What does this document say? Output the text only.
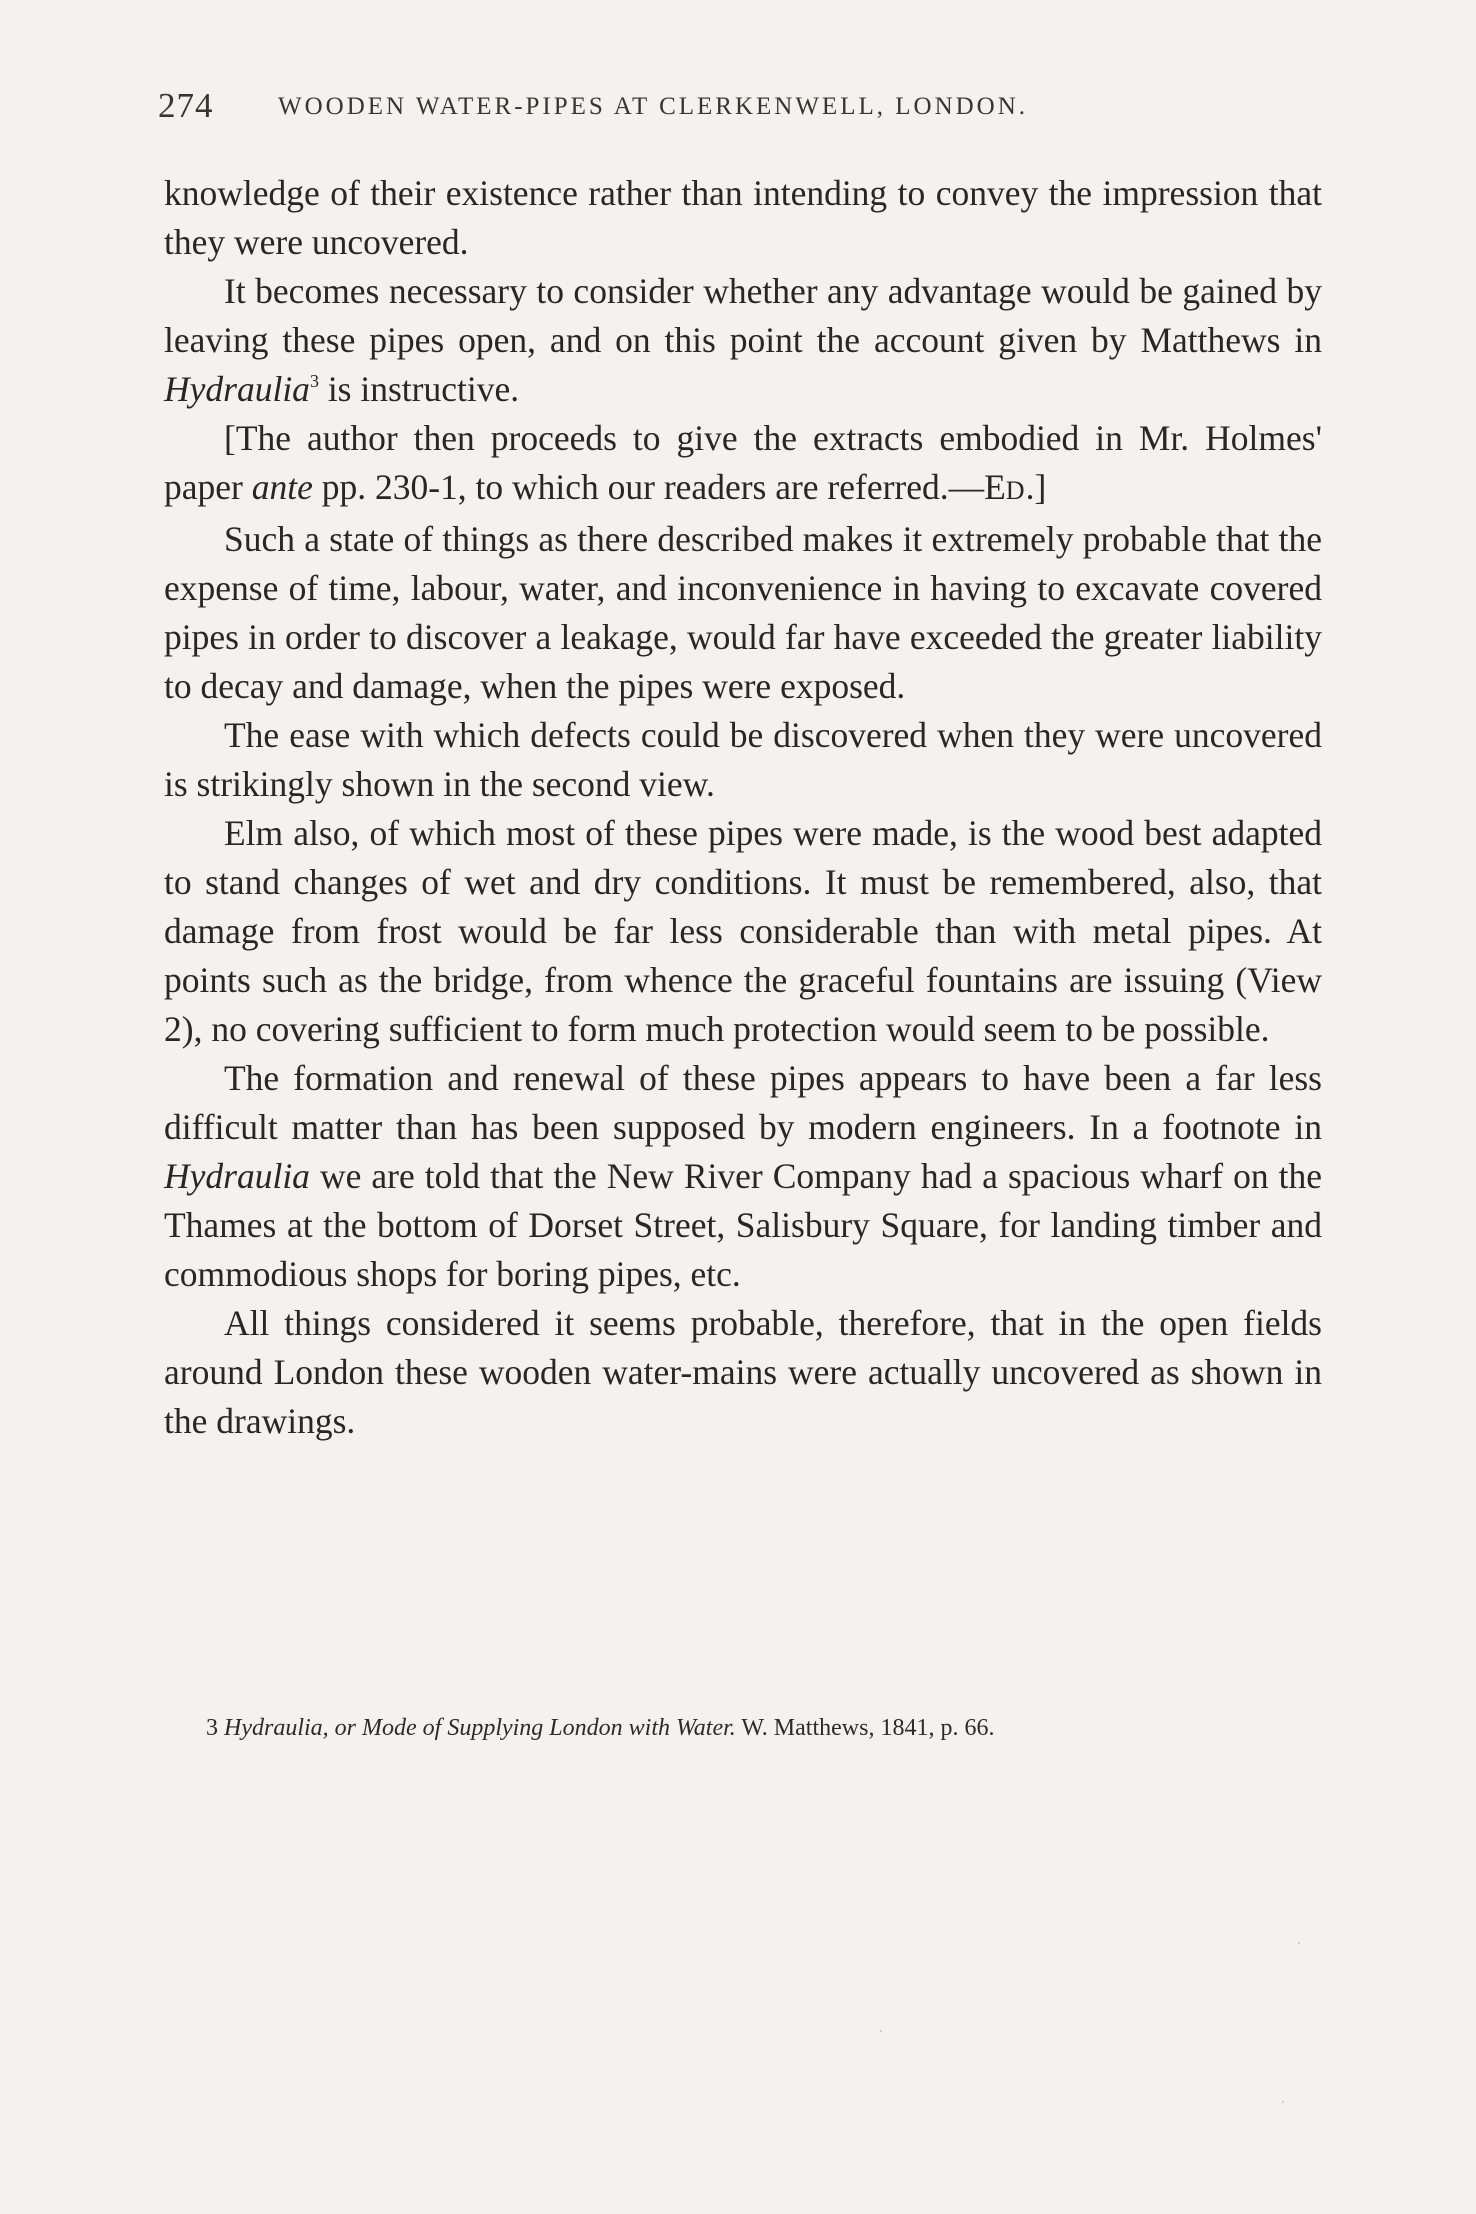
274	WOODEN WATER-PIPES AT CLERKENWELL, LONDON.

knowledge of their existence rather than intending to convey the impression that they were uncovered.

It becomes necessary to consider whether any advantage would be gained by leaving these pipes open, and on this point the account given by Matthews in Hydraulia$^3$ is instructive.

[The author then proceeds to give the extracts embodied in Mr. Holmes' paper ante pp. 230-1, to which our readers are referred.—ED.]

Such a state of things as there described makes it extremely probable that the expense of time, labour, water, and inconvenience in having to excavate covered pipes in order to discover a leakage, would far have exceeded the greater liability to decay and damage, when the pipes were exposed.

The ease with which defects could be discovered when they were uncovered is strikingly shown in the second view.

Elm also, of which most of these pipes were made, is the wood best adapted to stand changes of wet and dry conditions. It must be remembered, also, that damage from frost would be far less considerable than with metal pipes. At points such as the bridge, from whence the graceful fountains are issuing (View 2), no covering sufficient to form much protection would seem to be possible.

The formation and renewal of these pipes appears to have been a far less difficult matter than has been supposed by modern engineers. In a footnote in Hydraulia we are told that the New River Company had a spacious wharf on the Thames at the bottom of Dorset Street, Salisbury Square, for landing timber and commodious shops for boring pipes, etc.

All things considered it seems probable, therefore, that in the open fields around London these wooden water-mains were actually uncovered as shown in the drawings.

3 Hydraulia, or Mode of Supplying London with Water. W. Matthews, 1841, p. 66.
